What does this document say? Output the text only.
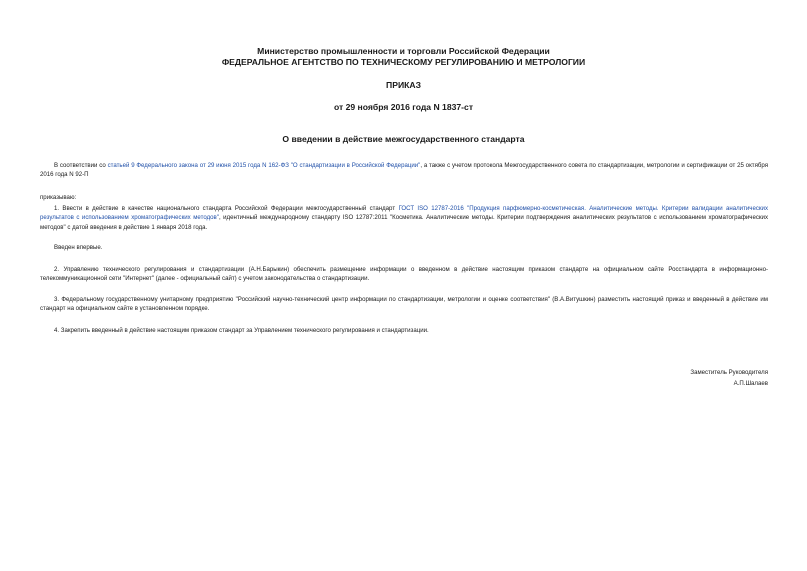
Министерство промышленности и торговли Российской Федерации
ФЕДЕРАЛЬНОЕ АГЕНТСТВО ПО ТЕХНИЧЕСКОМУ РЕГУЛИРОВАНИЮ И МЕТРОЛОГИИ
ПРИКАЗ
от 29 ноября 2016 года N 1837-ст
О введении в действие межгосударственного стандарта
В соответствии со статьей 9 Федерального закона от 29 июня 2015 года N 162-ФЗ "О стандартизации в Российской Федерации", а также с учетом протокола Межгосударственного совета по стандартизации, метрологии и сертификации от 25 октября 2016 года N 92-П
приказываю:
1. Ввести в действие в качестве национального стандарта Российской Федерации межгосударственный стандарт ГОСТ ISO 12787-2016 "Продукция парфюмерно-косметическая. Аналитические методы. Критерии валидации аналитических результатов с использованием хроматографических методов", идентичный международному стандарту ISO 12787:2011 "Косметика. Аналитические методы. Критерии подтверждения аналитических результатов с использованием хроматографических методов" с датой введения в действие 1 января 2018 года.
Введен впервые.
2. Управлению технического регулирования и стандартизации (А.Н.Барыкин) обеспечить размещение информации о введенном в действие настоящим приказом стандарте на официальном сайте Росстандарта в информационно-телекоммуникационной сети "Интернет" (далее - официальный сайт) с учетом законодательства о стандартизации.
3. Федеральному государственному унитарному предприятию "Российский научно-технический центр информации по стандартизации, метрологии и оценке соответствия" (В.А.Витушкин) разместить настоящий приказ и введенный в действие им стандарт на официальном сайте в установленном порядке.
4. Закрепить введенный в действие настоящим приказом стандарт за Управлением технического регулирования и стандартизации.
Заместитель Руководителя
А.П.Шалаев
